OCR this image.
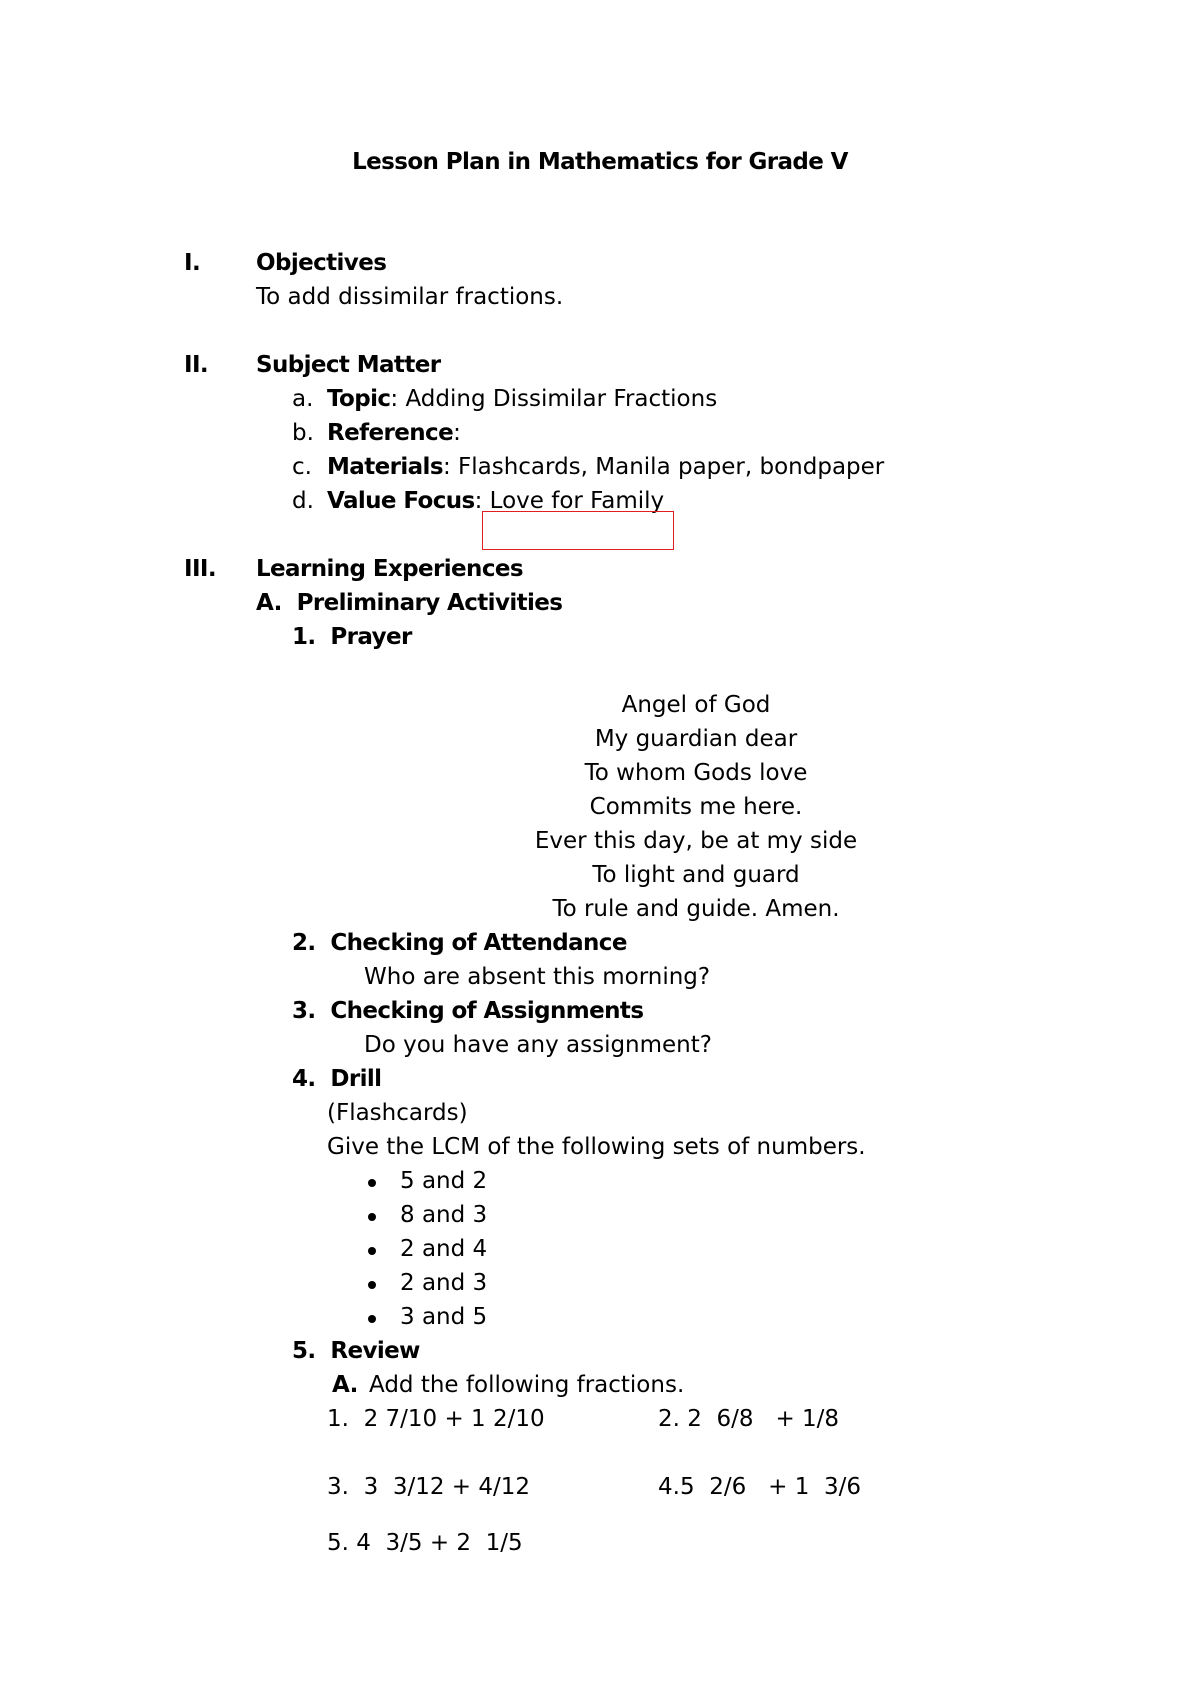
Lesson Plan in Mathematics for Grade V
I. Objectives
To add dissimilar fractions.
II. Subject Matter
a. Topic: Adding Dissimilar Fractions
b. Reference:
c. Materials: Flashcards, Manila paper, bondpaper
d. Value Focus: Love for Family
III. Learning Experiences
A.  Preliminary Activities
1.  Prayer
Angel of God
My guardian dear
To whom Gods love
Commits me here.
Ever this day, be at my side
To light and guard
To rule and guide. Amen.
2.  Checking of Attendance
Who are absent this morning?
3.  Checking of Assignments
Do you have any assignment?
4.  Drill
(Flashcards)
Give the LCM of the following sets of numbers.
5 and 2
8 and 3
2 and 4
2 and 3
3 and 5
5.  Review
A. Add the following fractions.
1.  2 7/10 + 1 2/10	2. 2  6/8   + 1/8
3.  3  3/12 + 4/12	4.5  2/6   + 1  3/6
5. 4  3/5 + 2  1/5
